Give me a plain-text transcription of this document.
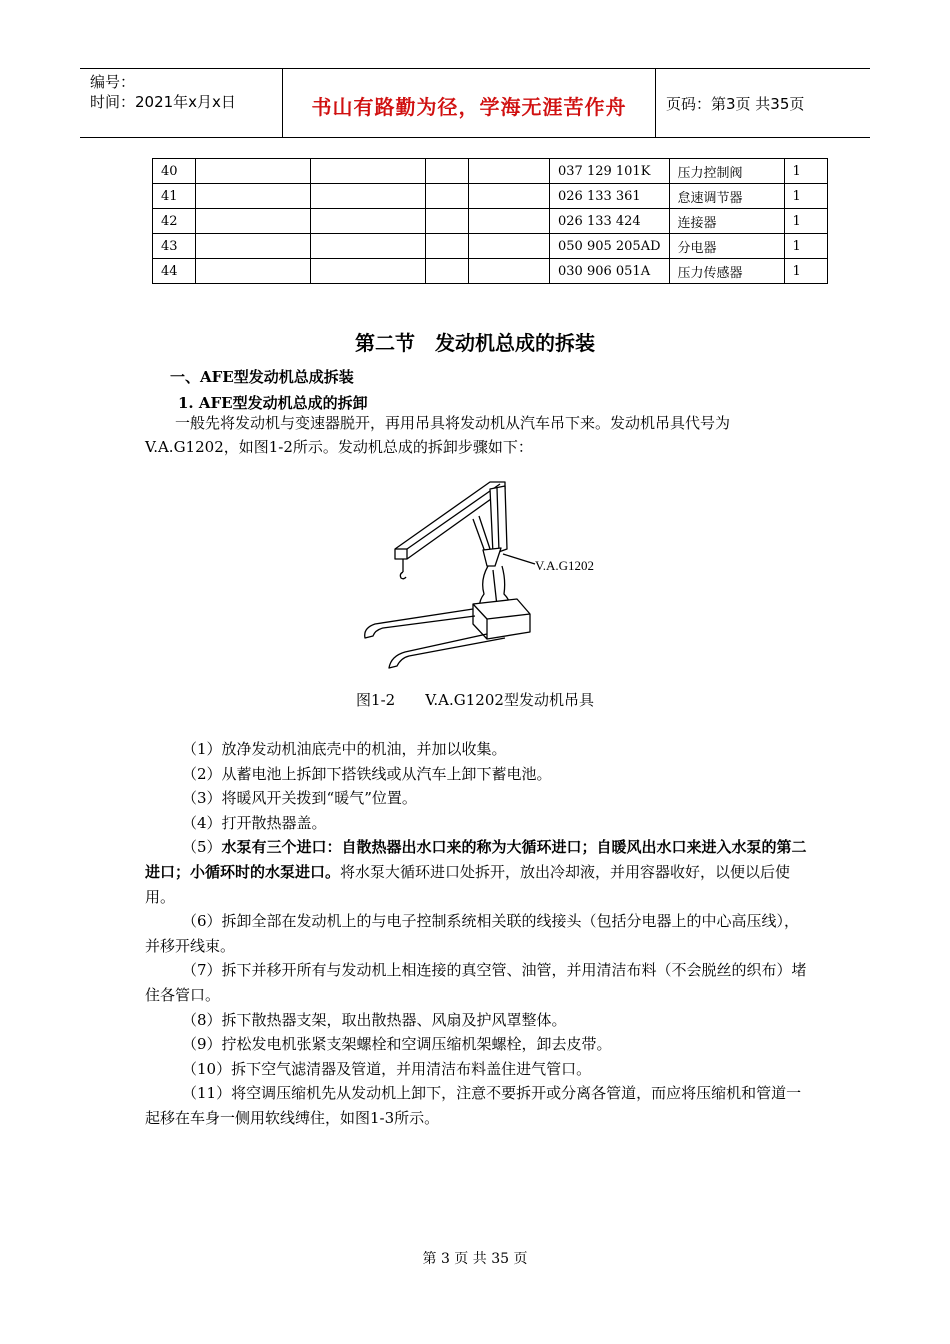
编号：
时间：2021年x月x日	书山有路勤为径，学海无涯苦作舟	页码：第3页 共35页
40					037 129 101K	压力控制阀	1
41					026 133 361	怠速调节器	1
42					026 133 424	连接器	1
43					050 905 205AD	分电器	1
44					030 906 051A	压力传感器	1
第二节　发动机总成的拆装
一、AFE型发动机总成拆装
1. AFE型发动机总成的拆卸
一般先将发动机与变速器脱开，再用吊具将发动机从汽车吊下来。发动机吊具代号为V.A.G1202，如图1-2所示。发动机总成的拆卸步骤如下：
V.A.G1202
图1-2　　V.A.G1202型发动机吊具

（1）放净发动机油底壳中的机油，并加以收集。

（2）从蓄电池上拆卸下搭铁线或从汽车上卸下蓄电池。

（3）将暖风开关拨到“暖气”位置。

（4）打开散热器盖。

（5）水泵有三个进口：自散热器出水口来的称为大循环进口；自暖风出水口来进入水泵的第二进口；小循环时的水泵进口。将水泵大循环进口处拆开，放出冷却液，并用容器收好，以便以后使用。

（6）拆卸全部在发动机上的与电子控制系统相关联的线接头（包括分电器上的中心高压线），并移开线束。

（7）拆下并移开所有与发动机上相连接的真空管、油管，并用清洁布料（不会脱丝的织布）堵住各管口。

（8）拆下散热器支架，取出散热器、风扇及护风罩整体。

（9）拧松发电机张紧支架螺栓和空调压缩机架螺栓，卸去皮带。

（10）拆下空气滤清器及管道，并用清洁布料盖住进气管口。

（11）将空调压缩机先从发动机上卸下，注意不要拆开或分离各管道，而应将压缩机和管道一起移在车身一侧用软线缚住，如图1-3所示。

第 3 页 共 35 页
